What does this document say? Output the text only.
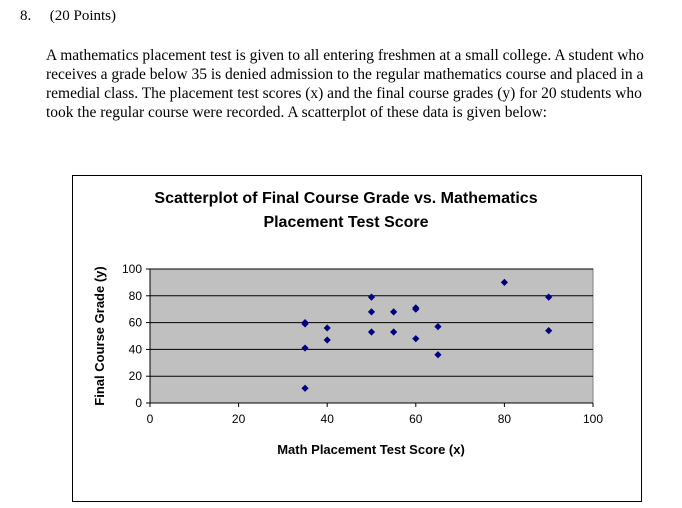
8. (20 Points)
A mathematics placement test is given to all entering freshmen at a small college. A student who receives a grade below 35 is denied admission to the regular mathematics course and placed in a remedial class. The placement test scores (x) and the final course grades (y) for 20 students who took the regular course were recorded. A scatterplot of these data is given below:
Scatterplot of Final Course Grade vs. Mathematics
Placement Test Score
0	20	40	60	80	100
0
20
40
60
80
100
Math Placement Test Score (x)
Final Course Grade (y)
